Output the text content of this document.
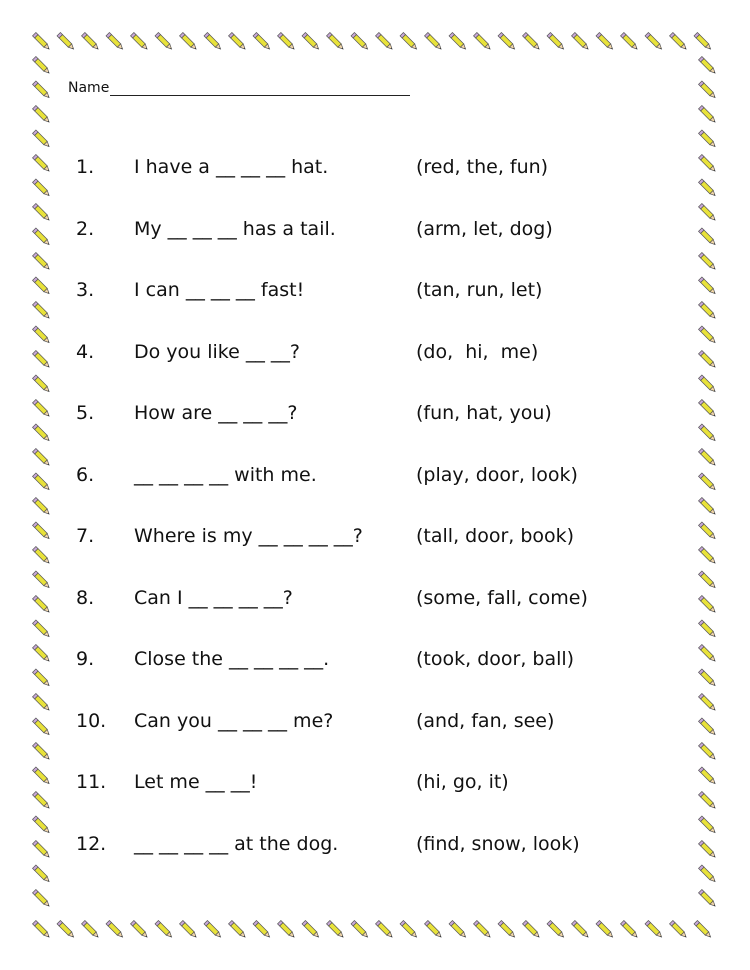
Name
1. I have a __ __ __ hat.	(red, the, fun)
2. My __ __ __ has a tail.	(arm, let, dog)
3. I can __ __ __ fast!	(tan, run, let)
4. Do you like __ __?	(do,  hi,  me)
5. How are __ __ __?	(fun, hat, you)
6. __ __ __ __ with me.	(play, door, look)
7. Where is my __ __ __ __?	(tall, door, book)
8. Can I __ __ __ __?	(some, fall, come)
9. Close the __ __ __ __.	(took, door, ball)
10. Can you __ __ __ me?	(and, fan, see)
11. Let me __ __!	(hi, go, it)
12. __ __ __ __ at the dog.	(find, snow, look)
